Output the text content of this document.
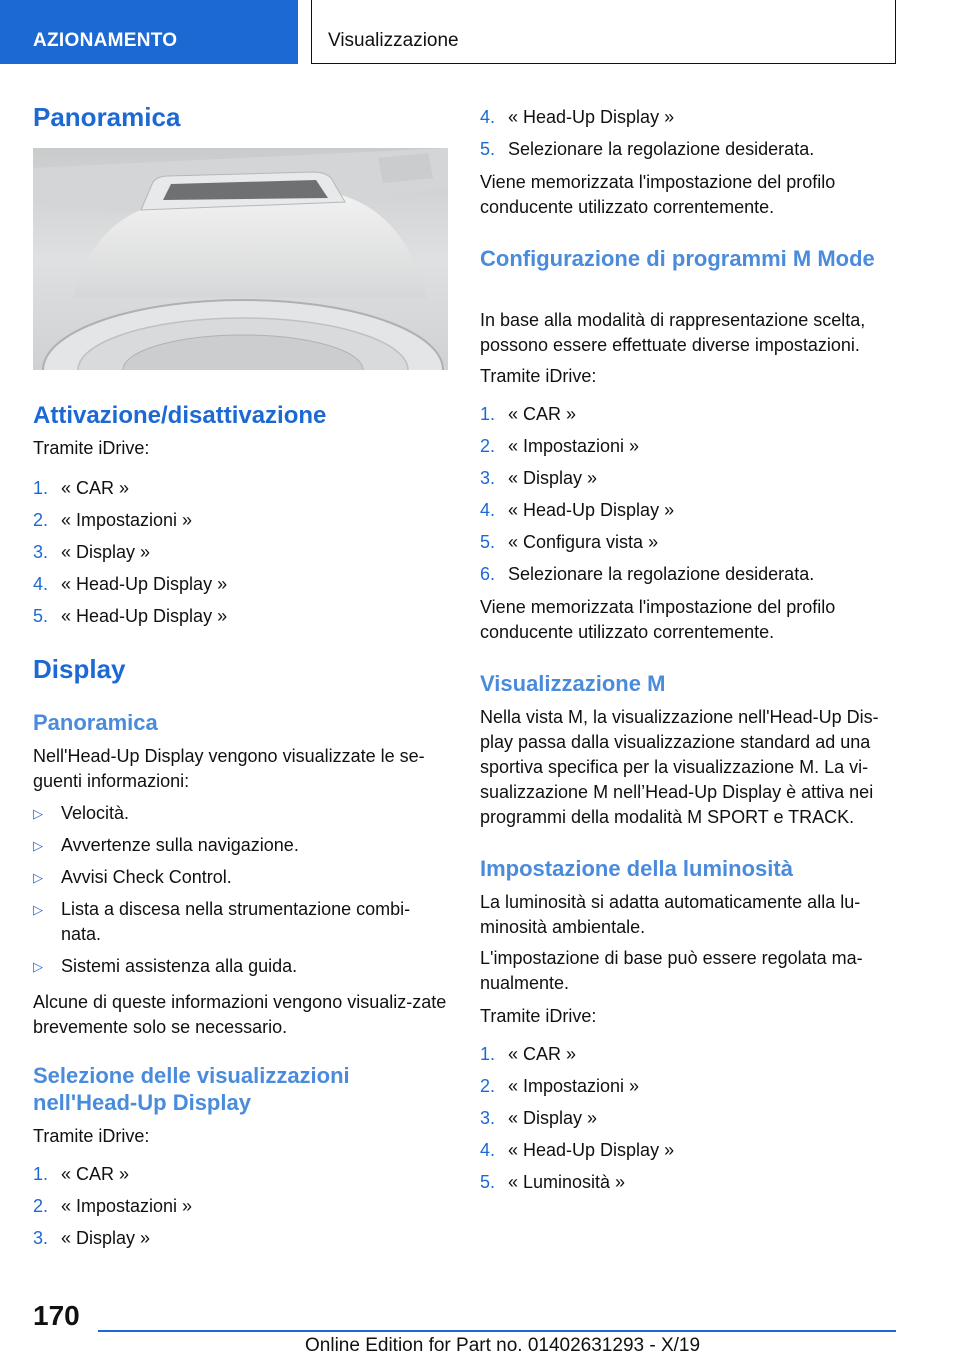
AZIONAMENTO	Visualizzazione
Panoramica
Attivazione/disattivazione

Tramite iDrive:

1. « CAR »
2. « Impostazioni »
3. « Display »
4. « Head-Up Display »
5. « Head-Up Display »
Display
Panoramica

Nell'Head-Up Display vengono visualizzate le se-guenti informazioni:

▷ Velocità.
▷ Avvertenze sulla navigazione.
▷ Avvisi Check Control.
▷ Lista a discesa nella strumentazione combi-nata.
▷ Sistemi assistenza alla guida.

Alcune di queste informazioni vengono visualiz-zate brevemente solo se necessario.

Selezione delle visualizzazioni nell'Head-Up Display

Tramite iDrive:

1. « CAR »
2. « Impostazioni »
3. « Display »
4. « Head-Up Display »
5. Selezionare la regolazione desiderata.

Viene memorizzata l'impostazione del profilo conducente utilizzato correntemente.

Configurazione di programmi M Mode

In base alla modalità di rappresentazione scelta, possono essere effettuate diverse impostazioni.

Tramite iDrive:

1. « CAR »
2. « Impostazioni »
3. « Display »
4. « Head-Up Display »
5. « Configura vista »
6. Selezionare la regolazione desiderata.

Viene memorizzata l'impostazione del profilo conducente utilizzato correntemente.

Visualizzazione M

Nella vista M, la visualizzazione nell'Head-Up Dis-play passa dalla visualizzazione standard ad una sportiva specifica per la visualizzazione M. La vi-sualizzazione M nell’Head-Up Display è attiva nei programmi della modalità M SPORT e TRACK.

Impostazione della luminosità

La luminosità si adatta automaticamente alla lu-minosità ambientale.

L'impostazione di base può essere regolata ma-nualmente.

Tramite iDrive:

1. « CAR »
2. « Impostazioni »
3. « Display »
4. « Head-Up Display »
5. « Luminosità »
170
Online Edition for Part no. 01402631293 - X/19
